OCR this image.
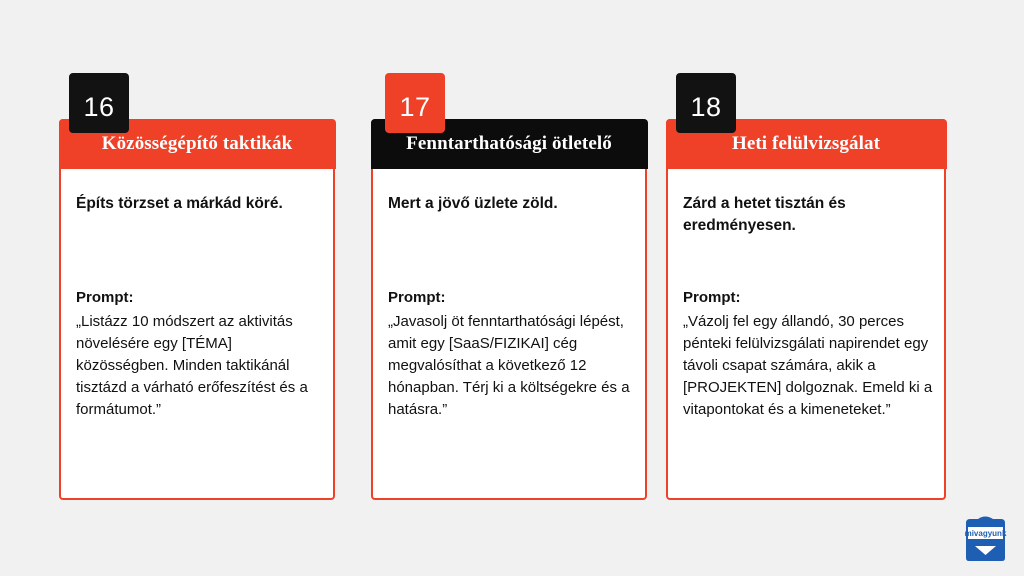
Közösségépítő taktikák
16
Építs törzset a márkád köré.
Prompt:
„Listázz 10 módszert az aktivitás növelésére egy [TÉMA] közösségben. Minden taktikánál tisztázd a várható erőfeszítést és a formátumot.”
Fenntarthatósági ötletelő
17
Mert a jövő üzlete zöld.
Prompt:
„Javasolj öt fenntarthatósági lépést, amit egy [SaaS/FIZIKAI] cég megvalósíthat a következő 12 hónapban. Térj ki a költségekre és a hatásra.”
Heti felülvizsgálat
18
Zárd a hetet tisztán és eredményesen.
Prompt:
„Vázolj fel egy állandó, 30 perces pénteki felülvizsgálati napirendet egy távoli csapat számára, akik a [PROJEKTEN] dolgoznak. Emeld ki a vitapontokat és a kimeneteket.”
mivagyunk
